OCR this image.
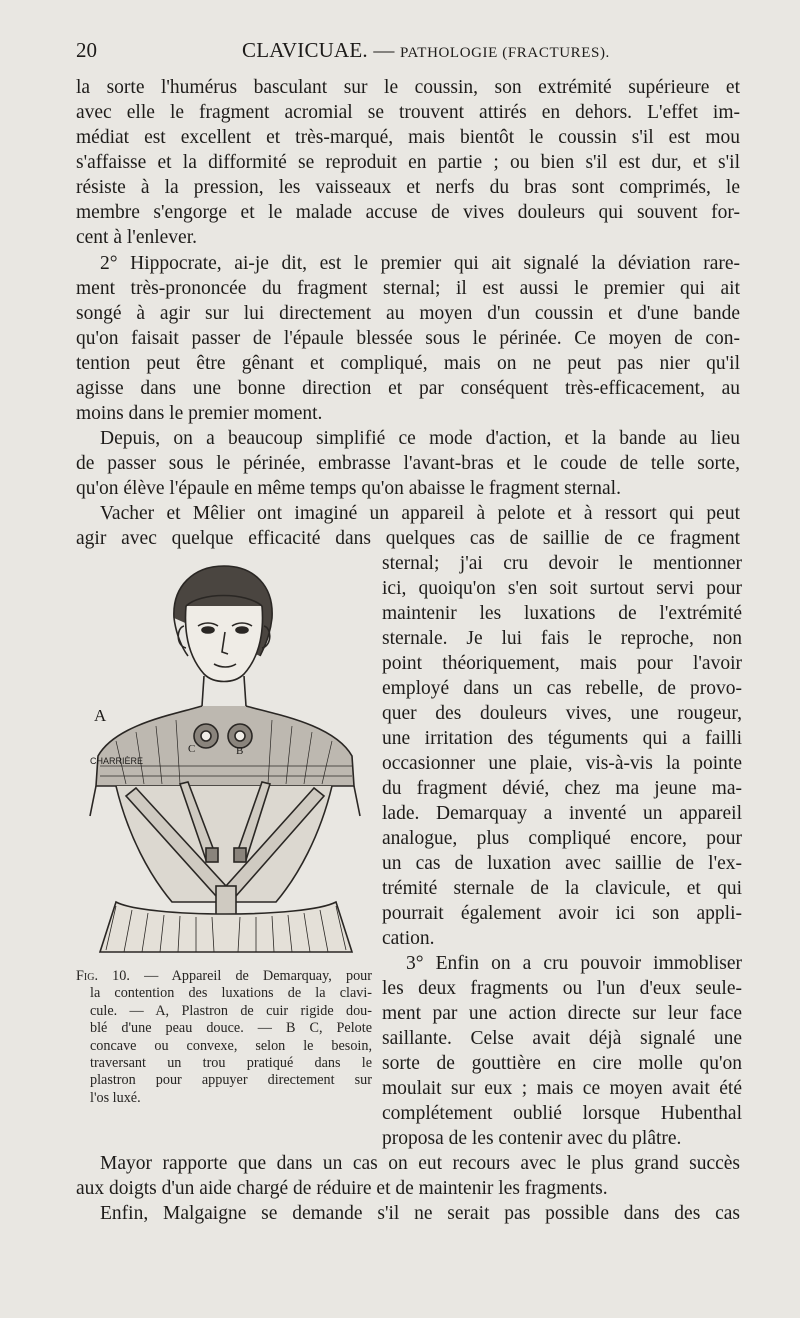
20	CLAVICUAE. — PATHOLOGIE (FRACTURES).
la sorte l'humérus basculant sur le coussin, son extrémité supérieure et
avec elle le fragment acromial se trouvent attirés en dehors. L'effet im-
médiat est excellent et très-marqué, mais bientôt le coussin s'il est mou
s'affaisse et la difformité se reproduit en partie ; ou bien s'il est dur, et s'il
résiste à la pression, les vaisseaux et nerfs du bras sont comprimés, le
membre s'engorge et le malade accuse de vives douleurs qui souvent for-
cent à l'enlever.
2° Hippocrate, ai-je dit, est le premier qui ait signalé la déviation rare-
ment très-prononcée du fragment sternal; il est aussi le premier qui ait
songé à agir sur lui directement au moyen d'un coussin et d'une bande
qu'on faisait passer de l'épaule blessée sous le périnée. Ce moyen de con-
tention peut être gênant et compliqué, mais on ne peut pas nier qu'il
agisse dans une bonne direction et par conséquent très-efficacement, au
moins dans le premier moment.
Depuis, on a beaucoup simplifié ce mode d'action, et la bande au lieu
de passer sous le périnée, embrasse l'avant-bras et le coude de telle sorte,
qu'on élève l'épaule en même temps qu'on abaisse le fragment sternal.
Vacher et Mêlier ont imaginé un appareil à pelote et à ressort qui peut
agir avec quelque efficacité dans quelques cas de saillie de ce fragment
sternal; j'ai cru devoir le mentionner
ici, quoiqu'on s'en soit surtout servi pour
maintenir les luxations de l'extrémité
sternale. Je lui fais le reproche, non
point théoriquement, mais pour l'avoir
employé dans un cas rebelle, de provo-
quer des douleurs vives, une rougeur,
une irritation des téguments qui a failli
occasionner une plaie, vis-à-vis la pointe
du fragment dévié, chez ma jeune ma-
lade. Demarquay a inventé un appareil
analogue, plus compliqué encore, pour
un cas de luxation avec saillie de l'ex-
trémité sternale de la clavicule, et qui
pourrait également avoir ici son appli-
cation.
3° Enfin on a cru pouvoir immobliser
les deux fragments ou l'un d'eux seule-
ment par une action directe sur leur face
saillante. Celse avait déjà signalé une
sorte de gouttière en cire molle qu'on
moulait sur eux ; mais ce moyen avait été
complétement oublié lorsque Hubenthal
proposa de les contenir avec du plâtre.
Mayor rapporte que dans un cas on eut recours avec le plus grand succès
aux doigts d'un aide chargé de réduire et de maintenir les fragments.
Enfin, Malgaigne se demande s'il ne serait pas possible dans des cas
C	B
CHARRIÈRE
A
Fig. 10. — Appareil de Demarquay, pour
la contention des luxations de la clavi-
cule. — A, Plastron de cuir rigide dou-
blé d'une peau douce. — B C, Pelote
concave ou convexe, selon le besoin,
traversant un trou pratiqué dans le
plastron pour appuyer directement sur
l'os luxé.
